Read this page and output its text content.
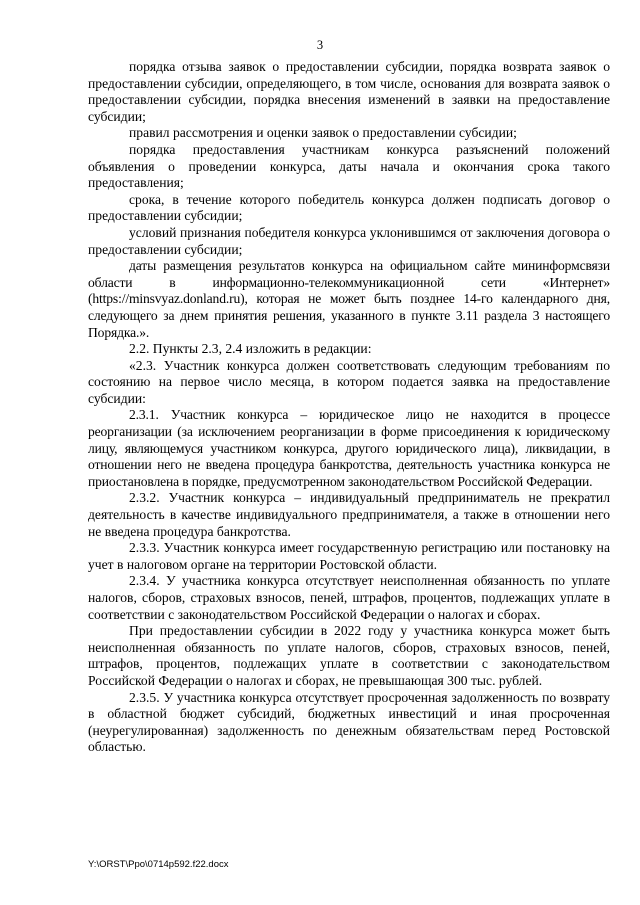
3

порядка отзыва заявок о предоставлении субсидии, порядка возврата заявок о предоставлении субсидии, определяющего, в том числе, основания для возврата заявок о предоставлении субсидии, порядка внесения изменений в заявки на предоставление субсидии;

правил рассмотрения и оценки заявок о предоставлении субсидии;

порядка предоставления участникам конкурса разъяснений положений объявления о проведении конкурса, даты начала и окончания срока такого предоставления;

срока, в течение которого победитель конкурса должен подписать договор о предоставлении субсидии;

условий признания победителя конкурса уклонившимся от заключения договора о предоставлении субсидии;

даты размещения результатов конкурса на официальном сайте мининформсвязи области в информационно-телекоммуникационной сети «Интернет» (https://minsvyaz.donland.ru), которая не может быть позднее 14-го календарного дня, следующего за днем принятия решения, указанного в пункте 3.11 раздела 3 настоящего Порядка.».

2.2. Пункты 2.3, 2.4 изложить в редакции:

«2.3. Участник конкурса должен соответствовать следующим требованиям по состоянию на первое число месяца, в котором подается заявка на предоставление субсидии:

2.3.1. Участник конкурса – юридическое лицо не находится в процессе реорганизации (за исключением реорганизации в форме присоединения к юридическому лицу, являющемуся участником конкурса, другого юридического лица), ликвидации, в отношении него не введена процедура банкротства, деятельность участника конкурса не приостановлена в порядке, предусмотренном законодательством Российской Федерации.

2.3.2. Участник конкурса – индивидуальный предприниматель не прекратил деятельность в качестве индивидуального предпринимателя, а также в отношении него не введена процедура банкротства.

2.3.3. Участник конкурса имеет государственную регистрацию или постановку на учет в налоговом органе на территории Ростовской области.

2.3.4. У участника конкурса отсутствует неисполненная обязанность по уплате налогов, сборов, страховых взносов, пеней, штрафов, процентов, подлежащих уплате в соответствии с законодательством Российской Федерации о налогах и сборах.

При предоставлении субсидии в 2022 году у участника конкурса может быть неисполненная обязанность по уплате налогов, сборов, страховых взносов, пеней, штрафов, процентов, подлежащих уплате в соответствии с законодательством Российской Федерации о налогах и сборах, не превышающая 300 тыс. рублей.

2.3.5. У участника конкурса отсутствует просроченная задолженность по возврату в областной бюджет субсидий, бюджетных инвестиций и иная просроченная (неурегулированная) задолженность по денежным обязательствам перед Ростовской областью.

Y:\ORST\Ppo\0714p592.f22.docx
